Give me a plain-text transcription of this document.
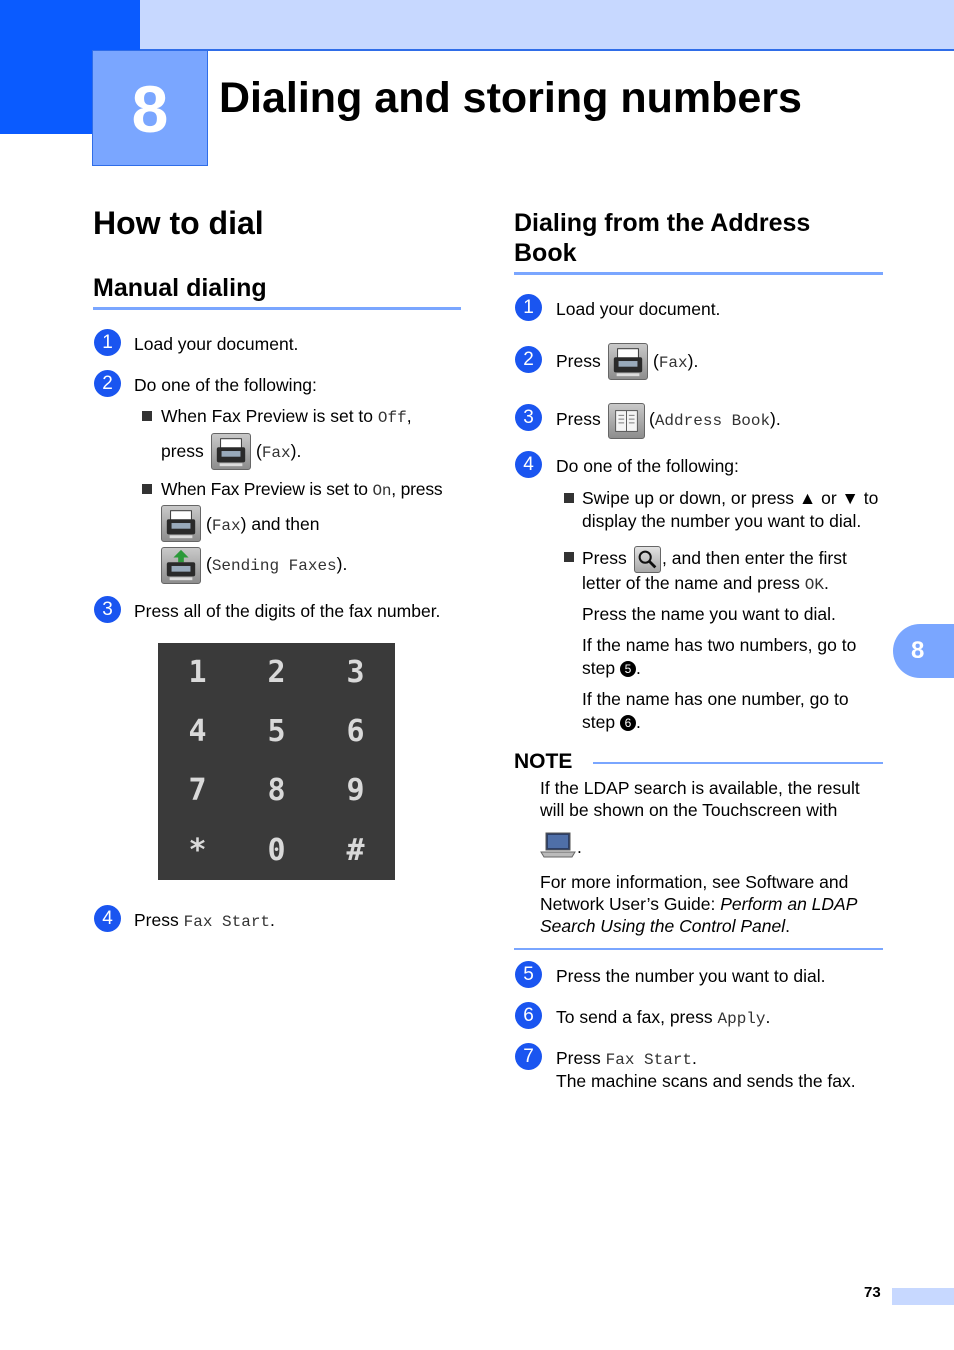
8	Dialing and storing numbers
How to dial
Manual dialing
1	Load your document.
2	Do one of the following:
When Fax Preview is set to Off,
press	(Fax).
When Fax Preview is set to On, press
(Fax) and then
(Sending Faxes).
3	Press all of the digits of the fax number.
1	2	3
4	5	6
7	8	9
*	0	#
4	Press Fax Start.
Dialing from the Address
Book
1	Load your document.
2	Press	(Fax).
3	Press	(Address Book).
4	Do one of the following:
Swipe up or down, or press ▲ or ▼ to
display the number you want to dial.
Press , and then enter the first
letter of the name and press OK.
Press the name you want to dial.
If the name has two numbers, go to
step 5 .
If the name has one number, go to
step 6 .
NOTE
If the LDAP search is available, the result
will be shown on the Touchscreen with
.
For more information, see Software and
Network User’s Guide: Perform an LDAP
Search Using the Control Panel.
5	Press the number you want to dial.
6	To send a fax, press Apply.
7	Press Fax Start.
The machine scans and sends the fax.
8
73
